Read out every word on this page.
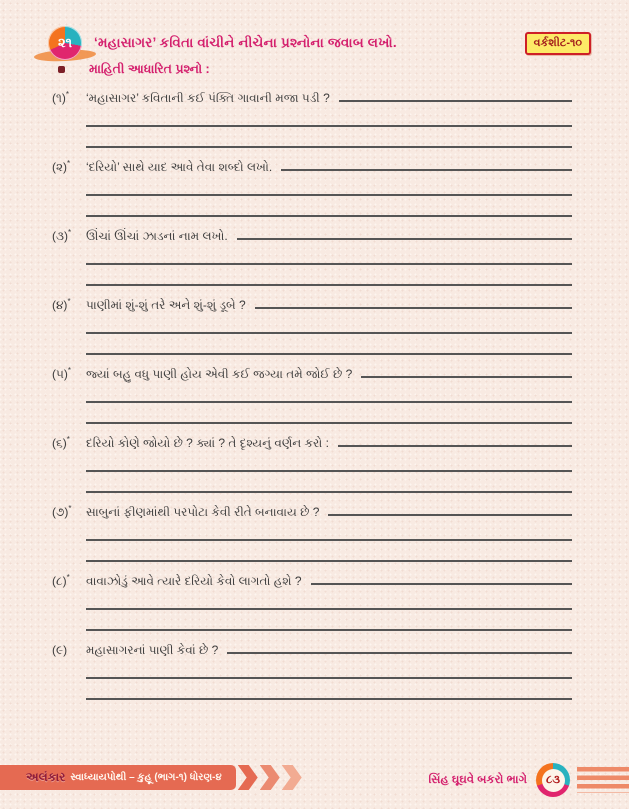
૨૧	‘મહાસાગર’ કવિતા વાંચીને નીચેના પ્રશ્નોના જવાબ લખો.	વર્કશીટ-૧૦
માહિતી આધારિત પ્રશ્નો :
(૧)*	‘મહાસાગર’ કવિતાની કઈ પંક્તિ ગાવાની મજા પડી ?
(૨)*	‘દરિયો’ સાથે યાદ આવે તેવા શબ્દો લખો.
(૩)*	ઊંચાં ઊંચાં ઝાડનાં નામ લખો.
(૪)*	પાણીમાં શું-શું તરે અને શું-શું ડૂબે ?
(૫)*	જ્યાં બહુ વધુ પાણી હોય એવી કઈ જગ્યા તમે જોઈ છે ?
(૬)*	દરિયો કોણે જોયો છે ? ક્યાં ? તે દૃશ્યનું વર્ણન કરો :
(૭)*	સાબુનાં ફીણમાંથી પરપોટા કેવી રીતે બનાવાય છે ?
(૮)*	વાવાઝોડું આવે ત્યારે દરિયો કેવો લાગતો હશે ?
(૯)	મહાસાગરનાં પાણી કેવાં છે ?
અલંકાર સ્વાધ્યાયપોથી – કુહૂ (ભાગ-૧) ધોરણ-૪	સિંહ ઘૂઘવે બકરો ભાગે	૮૩
